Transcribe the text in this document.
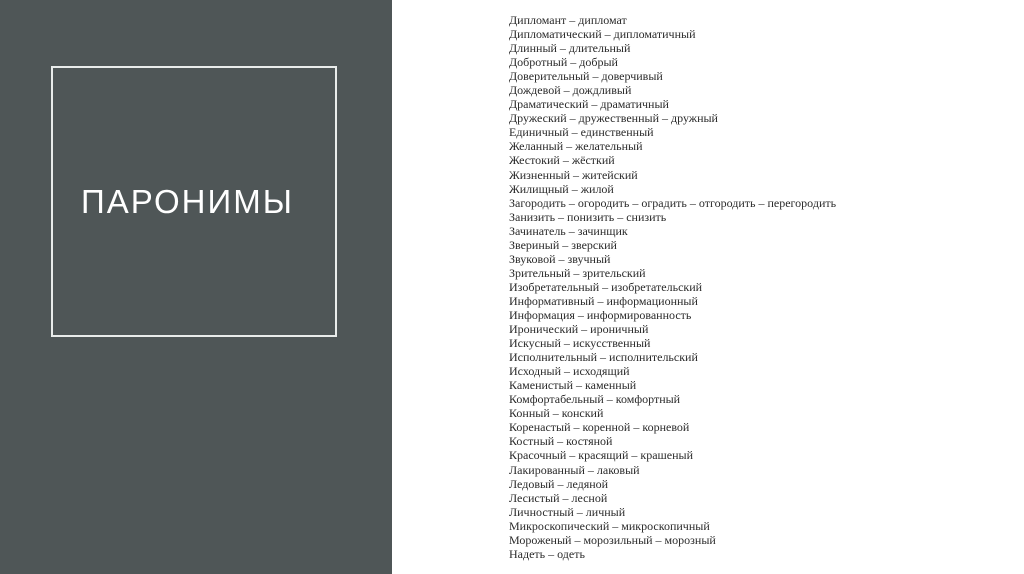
ПАРОНИМЫ
Дипломант – дипломат
Дипломатический – дипломатичный
Длинный – длительный
Добротный – добрый
Доверительный – доверчивый
Дождевой – дождливый
Драматический – драматичный
Дружеский – дружественный – дружный
Единичный – единственный
Желанный – желательный
Жестокий – жёсткий
Жизненный – житейский
Жилищный – жилой
Загородить – огородить – оградить – отгородить – перегородить
Занизить – понизить – снизить
Зачинатель – зачинщик
Звериный – зверский
Звуковой – звучный
Зрительный – зрительский
Изобретательный – изобретательский
Информативный – информационный
Информация – информированность
Иронический – ироничный
Искусный – искусственный
Исполнительный – исполнительский
Исходный – исходящий
Каменистый – каменный
Комфортабельный – комфортный
Конный – конский
Коренастый – коренной – корневой
Костный – костяной
Красочный – красящий – крашеный
Лакированный – лаковый
Ледовый – ледяной
Лесистый – лесной
Личностный – личный
Микроскопический – микроскопичный
Мороженый – морозильный – морозный
Надеть – одеть
